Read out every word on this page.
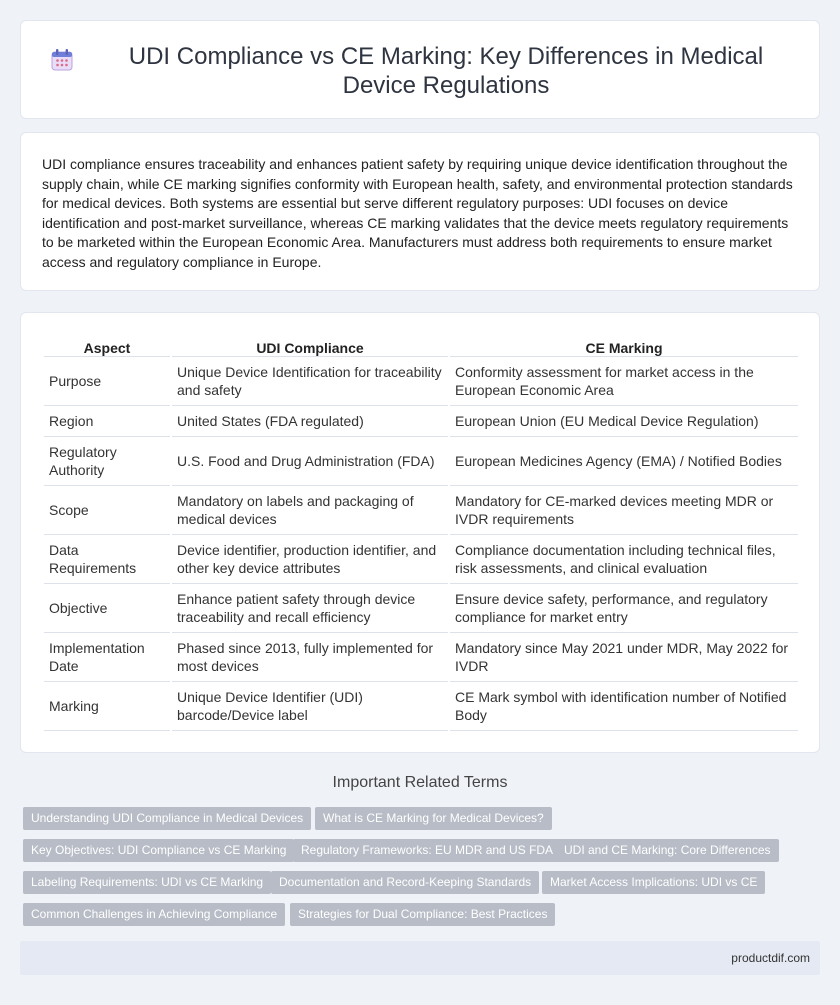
UDI Compliance vs CE Marking: Key Differences in Medical Device Regulations

UDI compliance ensures traceability and enhances patient safety by requiring unique device identification throughout the supply chain, while CE marking signifies conformity with European health, safety, and environmental protection standards for medical devices. Both systems are essential but serve different regulatory purposes: UDI focuses on device identification and post-market surveillance, whereas CE marking validates that the device meets regulatory requirements to be marketed within the European Economic Area. Manufacturers must address both requirements to ensure market access and regulatory compliance in Europe.

Aspect	UDI Compliance	CE Marking
Purpose	Unique Device Identification for traceability and safety	Conformity assessment for market access in the European Economic Area
Region	United States (FDA regulated)	European Union (EU Medical Device Regulation)
Regulatory Authority	U.S. Food and Drug Administration (FDA)	European Medicines Agency (EMA) / Notified Bodies
Scope	Mandatory on labels and packaging of medical devices	Mandatory for CE-marked devices meeting MDR or IVDR requirements
Data Requirements	Device identifier, production identifier, and other key device attributes	Compliance documentation including technical files, risk assessments, and clinical evaluation
Objective	Enhance patient safety through device traceability and recall efficiency	Ensure device safety, performance, and regulatory compliance for market entry
Implementation Date	Phased since 2013, fully implemented for most devices	Mandatory since May 2021 under MDR, May 2022 for IVDR
Marking	Unique Device Identifier (UDI) barcode/Device label	CE Mark symbol with identification number of Notified Body
Important Related Terms
Understanding UDI Compliance in Medical Devices	What is CE Marking for Medical Devices?
Key Objectives: UDI Compliance vs CE Marking	Regulatory Frameworks: EU MDR and US FDA UDI and CE Marking: Core Differences
Labeling Requirements: UDI vs CE Marking	Documentation and Record-Keeping Standards	Market Access Implications: UDI vs CE
Common Challenges in Achieving Compliance	Strategies for Dual Compliance: Best Practices
productdif.com
